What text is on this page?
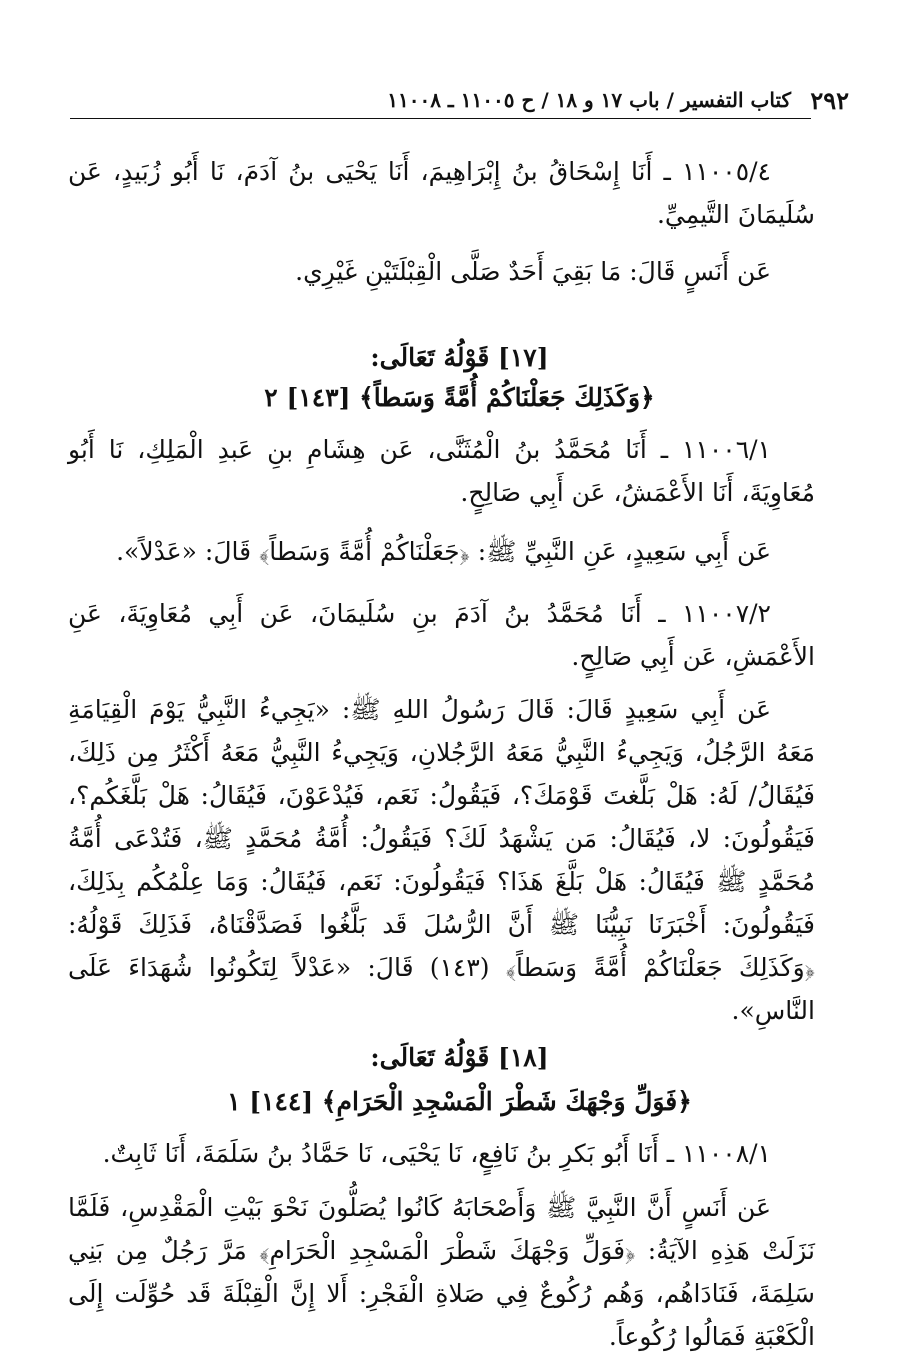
٢٩٢
كتاب التفسير / باب ١٧ و ١٨ / ح ١١٠٠٥ ـ ١١٠٠٨

١١٠٠٥/٤ ـ أَنَا إِسْحَاقُ بنُ إِبْرَاهِيمَ، أَنَا يَحْيَى بنُ آدَمَ، نَا أَبُو زُبَيدٍ، عَن سُلَيمَانَ التَّيمِيِّ.

عَن أَنَسٍ قَالَ: مَا بَقِيَ أَحَدٌ صَلَّى الْقِبْلَتَيْنِ غَيْرِي.

[١٧] قَوْلُهُ تَعَالَى:
﴿وَكَذَلِكَ جَعَلْنَاكُمْ أُمَّةً وَسَطاً﴾ [١٤٣] ٢

١١٠٠٦/١ ـ أَنَا مُحَمَّدُ بنُ الْمُثَنَّى، عَن هِشَامِ بنِ عَبدِ الْمَلِكِ، نَا أَبُو مُعَاوِيَةَ، أَنَا الأَعْمَشُ، عَن أَبِي صَالِحٍ.

عَن أَبِي سَعِيدٍ، عَنِ النَّبِيِّ ﷺ: ﴿جَعَلْنَاكُمْ أُمَّةً وَسَطاً﴾ قَالَ: «عَدْلاً».

١١٠٠٧/٢ ـ أَنَا مُحَمَّدُ بنُ آدَمَ بنِ سُلَيمَانَ، عَن أَبِي مُعَاوِيَةَ، عَنِ الأَعْمَشِ، عَن أَبِي صَالِحٍ.

عَن أَبِي سَعِيدٍ قَالَ: قَالَ رَسُولُ اللهِ ﷺ: «يَجِيءُ النَّبِيُّ يَوْمَ الْقِيَامَةِ مَعَهُ الرَّجُلُ، وَيَجِيءُ النَّبِيُّ مَعَهُ الرَّجُلانِ، وَيَجِيءُ النَّبِيُّ مَعَهُ أَكْثَرُ مِن ذَلِكَ، فَيُقَالُ/ لَهُ: هَلْ بَلَّغتَ قَوْمَكَ؟، فَيَقُولُ: نَعَم، فَيُدْعَوْنَ، فَيُقَالُ: هَلْ بَلَّغَكُم؟، فَيَقُولُونَ: لا، فَيُقَالُ: مَن يَشْهَدُ لَكَ؟ فَيَقُولُ: أُمَّةُ مُحَمَّدٍ ﷺ، فَتُدْعَى أُمَّةُ مُحَمَّدٍ ﷺ فَيُقَالُ: هَلْ بَلَّغَ هَذَا؟ فَيَقُولُونَ: نَعَم، فَيُقَالُ: وَمَا عِلْمُكُم بِذَلِكَ، فَيَقُولُونَ: أَخْبَرَنَا نَبِيُّنَا ﷺ أَنَّ الرُّسُلَ قَد بَلَّغُوا فَصَدَّقْنَاهُ، فَذَلِكَ قَوْلُهُ: ﴿وَكَذَلِكَ جَعَلْنَاكُمْ أُمَّةً وَسَطاً﴾ (١٤٣) قَالَ: «عَدْلاً لِتَكُونُوا شُهَدَاءَ عَلَى النَّاسِ».

[١٨] قَوْلُهُ تَعَالَى:
﴿فَوَلِّ وَجْهَكَ شَطْرَ الْمَسْجِدِ الْحَرَامِ﴾ [١٤٤] ١

١١٠٠٨/١ ـ أَنَا أَبُو بَكرِ بنُ نَافِعٍ، نَا يَحْيَى، نَا حَمَّادُ بنُ سَلَمَةَ، أَنَا ثَابِتٌ.

عَن أَنَسٍ أَنَّ النَّبِيَّ ﷺ وَأَصْحَابَهُ كَانُوا يُصَلُّونَ نَحْوَ بَيْتِ الْمَقْدِسِ، فَلَمَّا نَزَلَتْ هَذِهِ الآيَةُ: ﴿فَوَلِّ وَجْهَكَ شَطْرَ الْمَسْجِدِ الْحَرَامِ﴾ مَرَّ رَجُلٌ مِن بَنِي سَلِمَةَ، فَنَادَاهُم، وَهُم رُكُوعٌ فِي صَلاةِ الْفَجْرِ: أَلا إِنَّ الْقِبْلَةَ قَد حُوِّلَت إِلَى الْكَعْبَةِ فَمَالُوا رُكُوعاً.
